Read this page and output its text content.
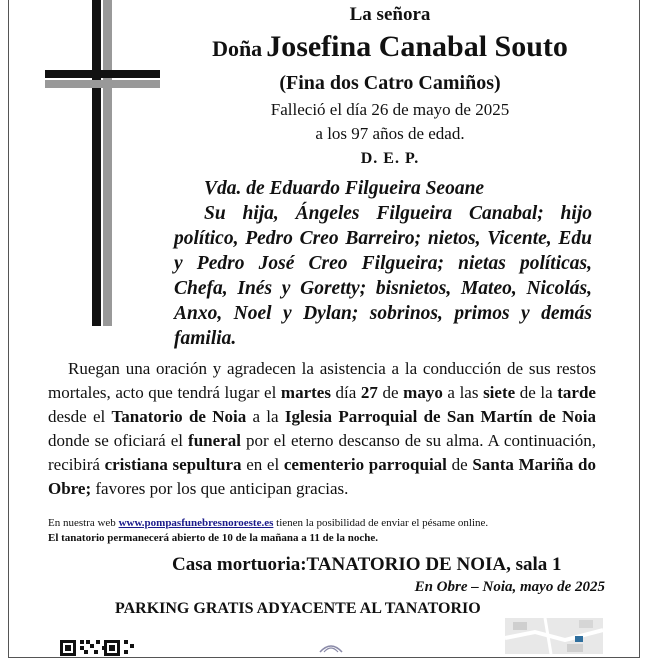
La señora
Doña Josefina Canabal Souto
(Fina dos Catro Camiños)
Falleció el día 26 de mayo de 2025
a los 97 años de edad.
D. E. P.
Vda. de Eduardo Filgueira Seoane
Su hija, Ángeles Filgueira Canabal; hijo político, Pedro Creo Barreiro; nietos, Vicente, Edu y Pedro José Creo Filgueira; nietas políticas, Chefa, Inés y Goretty; bisnietos, Mateo, Nicolás, Anxo, Noel y Dylan; sobrinos, primos y demás familia.
Ruegan una oración y agradecen la asistencia a la conducción de sus restos mortales, acto que tendrá lugar el martes día 27 de mayo a las siete de la tarde desde el Tanatorio de Noia a la Iglesia Parroquial de San Martín de Noia donde se oficiará el funeral por el eterno descanso de su alma. A continuación, recibirá cristiana sepultura en el cementerio parroquial de Santa Mariña do Obre; favores por los que anticipan gracias.
En nuestra web www.pompasfunebresnoroeste.es tienen la posibilidad de enviar el pésame online.
El tanatorio permanecerá abierto de 10 de la mañana a 11 de la noche.
Casa mortuoria:TANATORIO DE NOIA, sala 1
En Obre – Noia, mayo de 2025
PARKING GRATIS ADYACENTE AL TANATORIO
